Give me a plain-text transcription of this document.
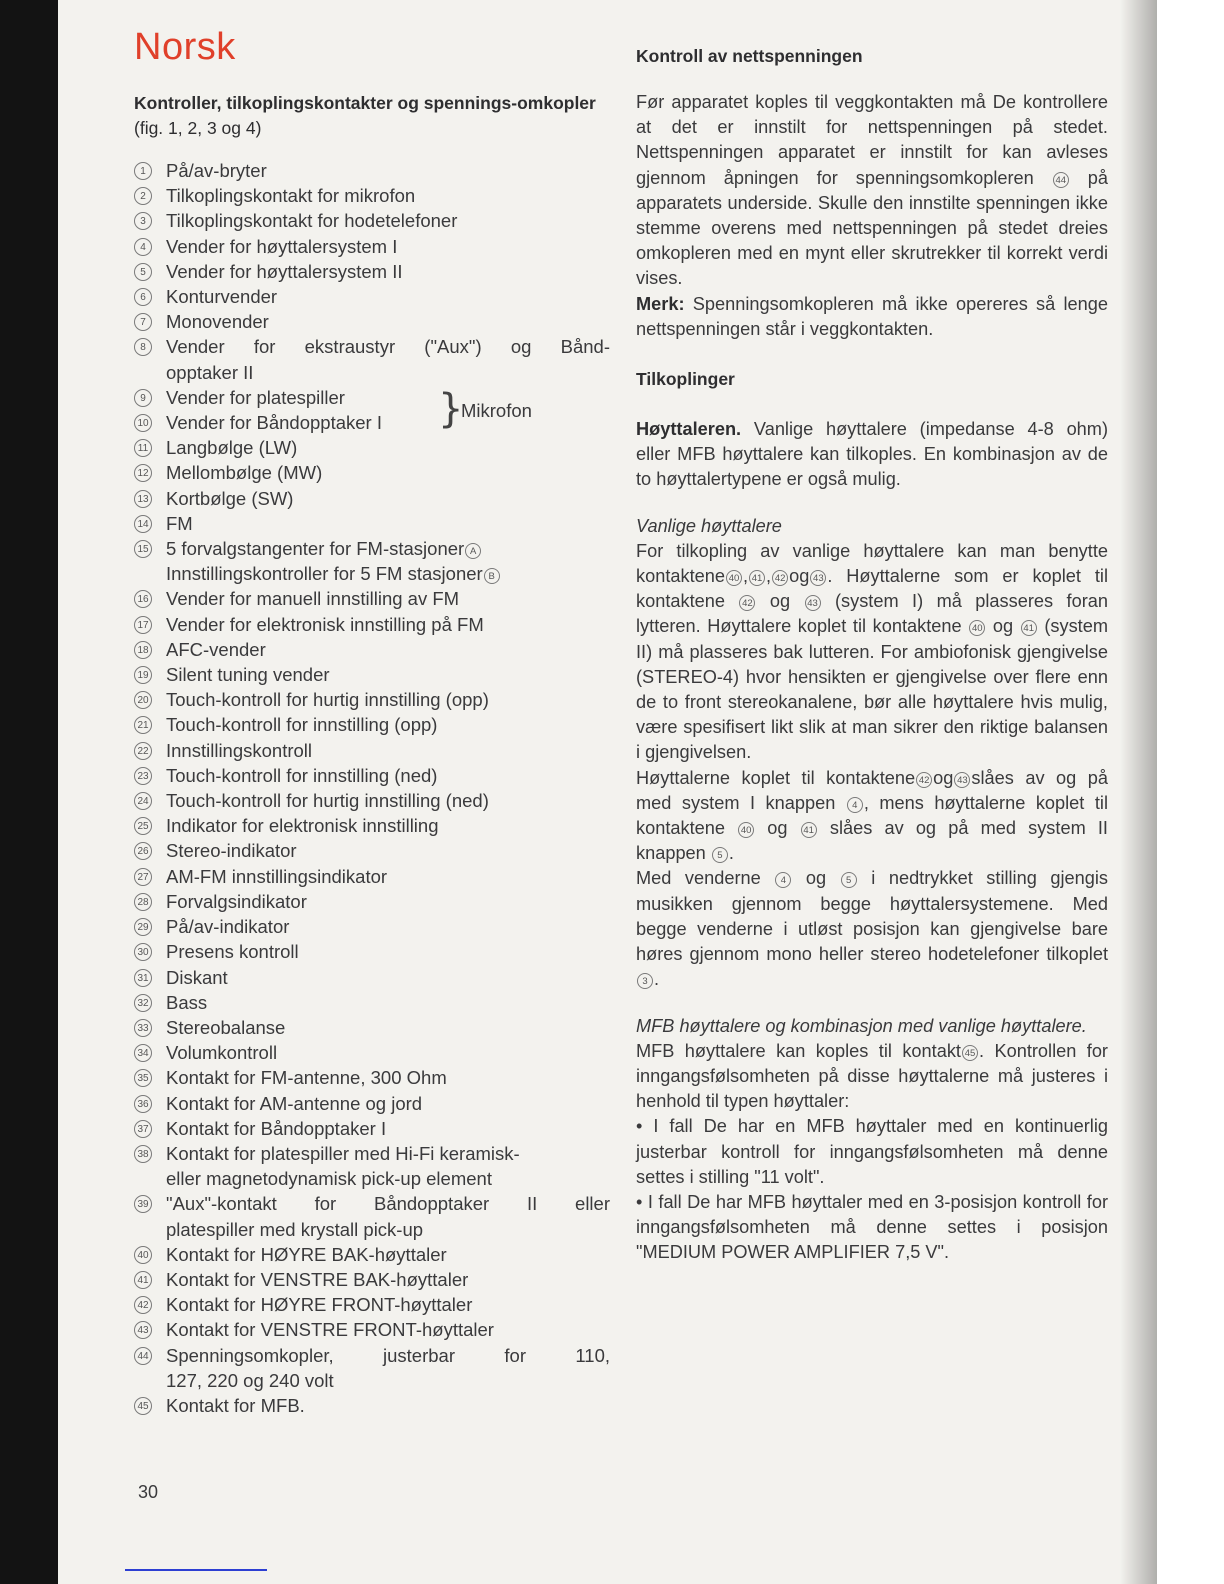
Norsk

Kontroller, tilkoplingskontakter og spennings-omkopler (fig. 1, 2, 3 og 4)

1	På/av-bryter
2	Tilkoplingskontakt for mikrofon
3	Tilkoplingskontakt for hodetelefoner
4	Vender for høyttalersystem I
5	Vender for høyttalersystem II
6	Konturvender
7	Monovender
8	Vender for ekstraustyr ("Aux") og Bånd-
opptaker II
9	Vender for platespiller }
Mikrofon
10 Vender for Båndopptaker I
11 Langbølge (LW)
12 Mellombølge (MW)
13 Kortbølge (SW)
14 FM
15 5 forvalgstangenter for FM-stasjoner A
Innstillingskontroller for 5 FM stasjoner B
16 Vender for manuell innstilling av FM
17 Vender for elektronisk innstilling på FM
18 AFC-vender
19 Silent tuning vender
20 Touch-kontroll for hurtig innstilling (opp)
21 Touch-kontroll for innstilling (opp)
22 Innstillingskontroll
23 Touch-kontroll for innstilling (ned)
24 Touch-kontroll for hurtig innstilling (ned)
25 Indikator for elektronisk innstilling
26 Stereo-indikator
27 AM-FM innstillingsindikator
28 Forvalgsindikator
29 På/av-indikator
30 Presens kontroll
31 Diskant
32 Bass
33 Stereobalanse
34 Volumkontroll
35 Kontakt for FM-antenne, 300 Ohm
36 Kontakt for AM-antenne og jord
37 Kontakt for Båndopptaker I
38 Kontakt for platespiller med Hi-Fi keramisk-
eller magnetodynamisk pick-up element
39 "Aux"-kontakt for Båndopptaker II eller
platespiller med krystall pick-up
40 Kontakt for HØYRE BAK-høyttaler
41 Kontakt for VENSTRE BAK-høyttaler
42 Kontakt for HØYRE FRONT-høyttaler
43 Kontakt for VENSTRE FRONT-høyttaler
44 Spenningsomkopler, justerbar for 110,
127, 220 og 240 volt
45 Kontakt for MFB.
30

Kontroll av nettspenningen

Før apparatet koples til veggkontakten må De kontrollere at det er innstilt for nettspenningen på stedet. Nettspenningen apparatet er innstilt for kan avleses gjennom åpningen for spenningsomkopleren 44 på apparatets underside. Skulle den innstilte spenningen ikke stemme overens med nettspenningen på stedet dreies omkopleren med en mynt eller skrutrekker til korrekt verdi vises.

Merk: Spenningsomkopleren må ikke opereres så lenge nettspenningen står i veggkontakten.

Tilkoplinger

Høyttaleren. Vanlige høyttalere (impedanse 4-8 ohm) eller MFB høyttalere kan tilkoples. En kombinasjon av de to høyttalertypene er også mulig.

Vanlige høyttalere

For tilkopling av vanlige høyttalere kan man benytte kontaktene 40 , 41 , 42 og 43 . Høyttalerne som er koplet til kontaktene 42 og 43 (system I) må plasseres foran lytteren. Høyttalere koplet til kontaktene 40 og 41 (system II) må plasseres bak lutteren. For ambiofonisk gjengivelse (STEREO-4) hvor hensikten er gjengivelse over flere enn de to front stereokanalene, bør alle høyttalere hvis mulig, være spesifisert likt slik at man sikrer den riktige balansen i gjengivelsen.

Høyttalerne koplet til kontaktene 42 og 43 slåes av og på med system I knappen 4 , mens høyttalerne koplet til kontaktene 40 og 41 slåes av og på med system II knappen 5 .

Med venderne 4 og 5 i nedtrykket stilling gjengis musikken gjennom begge høyttalersystemene. Med begge venderne i utløst posisjon kan gjengivelse bare høres gjennom mono heller stereo hodetelefoner tilkoplet 3 .

MFB høyttalere og kombinasjon med vanlige høyttalere.

MFB høyttalere kan koples til kontakt 45 . Kontrollen for inngangsfølsomheten på disse høyttalerne må justeres i henhold til typen høyttaler:

• I fall De har en MFB høyttaler med en kontinuerlig justerbar kontroll for inngangsfølsomheten må denne settes i stilling "11 volt".

• I fall De har MFB høyttaler med en 3-posisjon kontroll for inngangsfølsomheten må denne settes i posisjon "MEDIUM POWER AMPLIFIER 7,5 V".
